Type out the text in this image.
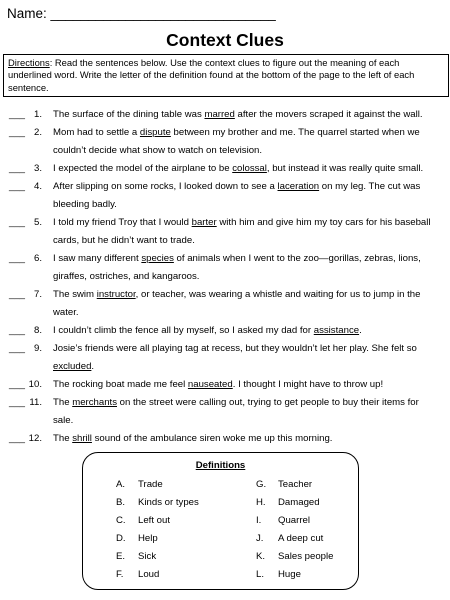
Name: ______________________________
Context Clues
Directions: Read the sentences below. Use the context clues to figure out the meaning of each underlined word. Write the letter of the definition found at the bottom of the page to the left of each sentence.
___ 1. The surface of the dining table was marred after the movers scraped it against the wall.
___ 2. Mom had to settle a dispute between my brother and me. The quarrel started when we couldn’t decide what show to watch on television.
___ 3. I expected the model of the airplane to be colossal, but instead it was really quite small.
___ 4. After slipping on some rocks, I looked down to see a laceration on my leg. The cut was bleeding badly.
___ 5. I told my friend Troy that I would barter with him and give him my toy cars for his baseball cards, but he didn’t want to trade.
___ 6. I saw many different species of animals when I went to the zoo—gorillas, zebras, lions, giraffes, ostriches, and kangaroos.
___ 7. The swim instructor, or teacher, was wearing a whistle and waiting for us to jump in the water.
___ 8. I couldn’t climb the fence all by myself, so I asked my dad for assistance.
___ 9. Josie’s friends were all playing tag at recess, but they wouldn’t let her play. She felt so excluded.
___ 10. The rocking boat made me feel nauseated. I thought I might have to throw up!
___ 11. The merchants on the street were calling out, trying to get people to buy their items for sale.
___ 12. The shrill sound of the ambulance siren woke me up this morning.
Definitions
A. Trade
B. Kinds or types
C. Left out
D. Help
E. Sick
F. Loud
G. Teacher
H. Damaged
I. Quarrel
J. A deep cut
K. Sales people
L. Huge
